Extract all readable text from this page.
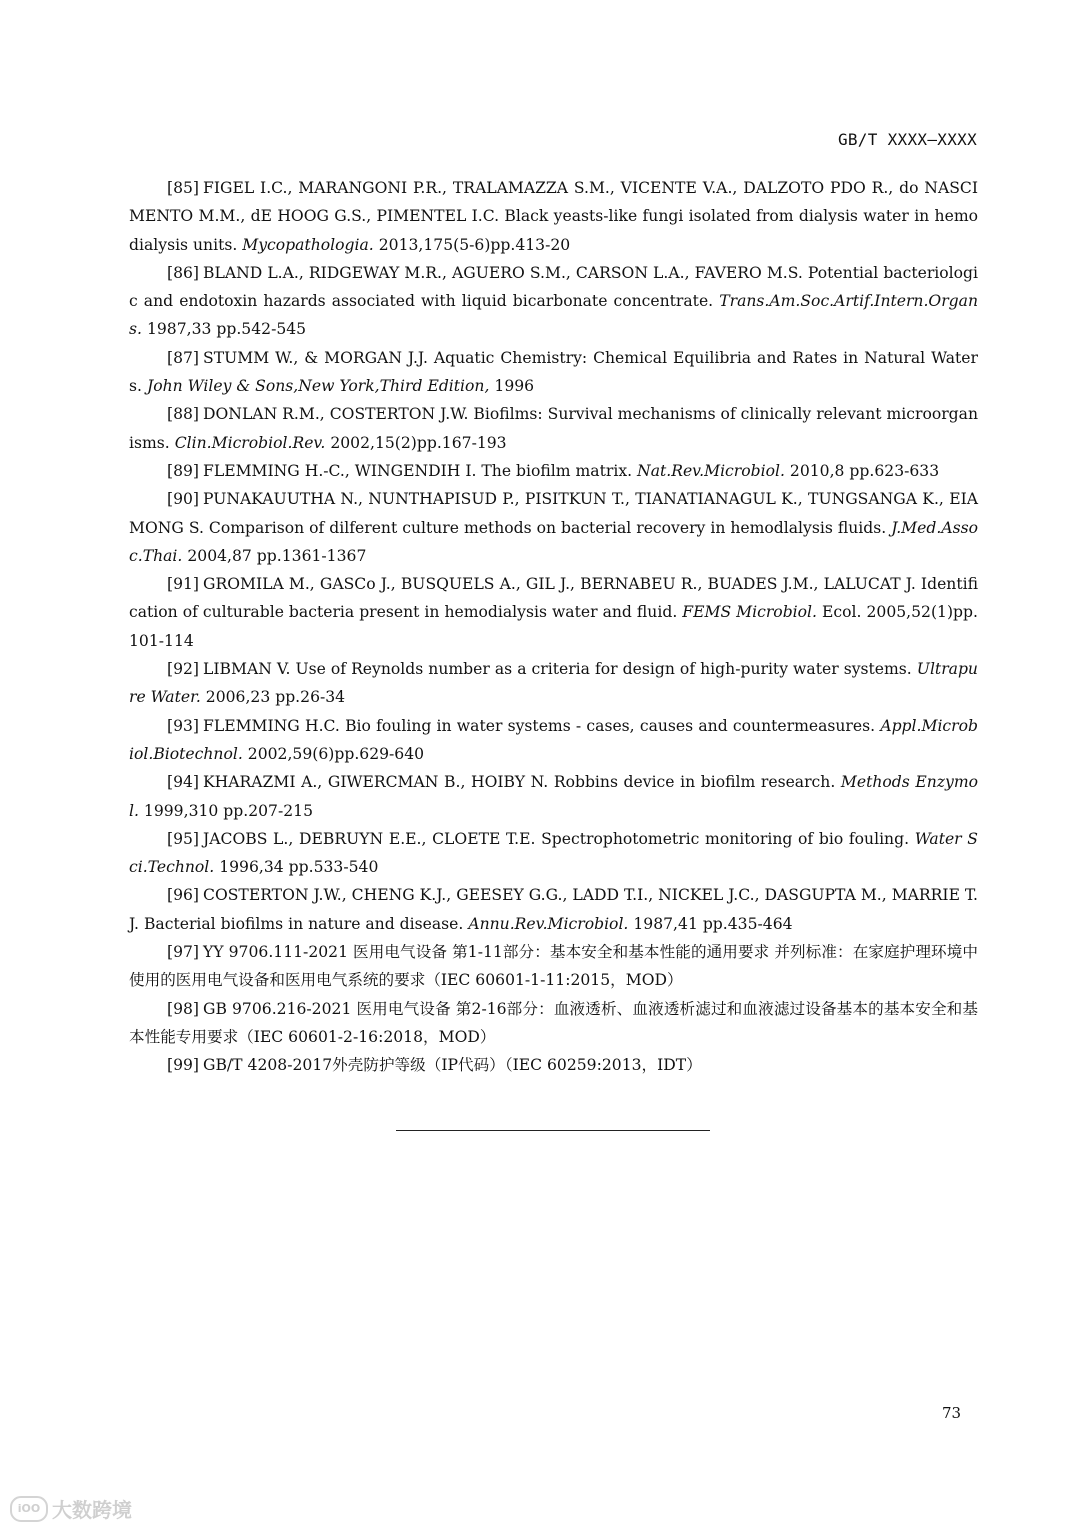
GB/T XXXX—XXXX

[85] FIGEL I.C., MARANGONI P.R., TRALAMAZZA S.M., VICENTE V.A., DALZOTO PDO R., do NASCIMENTO M.M., dE HOOG G.S., PIMENTEL I.C. Black yeasts-like fungi isolated from dialysis water in hemodialysis units. Mycopathologia. 2013,175(5-6)pp.413-20

[86] BLAND L.A., RIDGEWAY M.R., AGUERO S.M., CARSON L.A., FAVERO M.S. Potential bacteriologic and endotoxin hazards associated with liquid bicarbonate concentrate. Trans.Am.Soc.Artif.Intern.Organs. 1987,33 pp.542-545

[87] STUMM W., & MORGAN J.J. Aquatic Chemistry: Chemical Equilibria and Rates in Natural Waters. John Wiley & Sons,New York,Third Edition, 1996

[88] DONLAN R.M., COSTERTON J.W. Biofilms: Survival mechanisms of clinically relevant microorganisms. Clin.Microbiol.Rev. 2002,15(2)pp.167-193

[89] FLEMMING H.-C., WINGENDIH I. The biofilm matrix. Nat.Rev.Microbiol. 2010,8 pp.623-633

[90] PUNAKAUUTHA N., NUNTHAPISUD P., PISITKUN T., TIANATIANAGUL K., TUNGSANGA K., EIAMONG S. Comparison of dilferent culture methods on bacterial recovery in hemodlalysis fluids. J.Med.Assoc.Thai. 2004,87 pp.1361-1367

[91] GROMILA M., GASCo J., BUSQUELS A., GIL J., BERNABEU R., BUADES J.M., LALUCAT J. Identification of culturable bacteria present in hemodialysis water and fluid. FEMS Microbiol. Ecol. 2005,52(1)pp.101-114

[92] LIBMAN V. Use of Reynolds number as a criteria for design of high-purity water systems. Ultrapure Water. 2006,23 pp.26-34

[93] FLEMMING H.C. Bio fouling in water systems - cases, causes and countermeasures. Appl.Microbiol.Biotechnol. 2002,59(6)pp.629-640

[94] KHARAZMI A., GIWERCMAN B., HOIBY N. Robbins device in biofilm research. Methods Enzymol. 1999,310 pp.207-215

[95] JACOBS L., DEBRUYN E.E., CLOETE T.E. Spectrophotometric monitoring of bio fouling. Water Sci.Technol. 1996,34 pp.533-540

[96] COSTERTON J.W., CHENG K.J., GEESEY G.G., LADD T.I., NICKEL J.C., DASGUPTA M., MARRIE T.J. Bacterial biofilms in nature and disease. Annu.Rev.Microbiol. 1987,41 pp.435-464

[97] YY 9706.111-2021 医用电气设备 第1-11部分：基本安全和基本性能的通用要求 并列标准：在家庭护理环境中使用的医用电气设备和医用电气系统的要求（IEC 60601-1-11:2015，MOD）

[98] GB 9706.216-2021 医用电气设备 第2-16部分：血液透析、血液透析滤过和血液滤过设备基本的基本安全和基本性能专用要求（IEC 60601-2-16:2018，MOD）

[99] GB/T 4208-2017外壳防护等级（IP代码）（IEC 60259:2013，IDT）

73
iOO 大数跨境
